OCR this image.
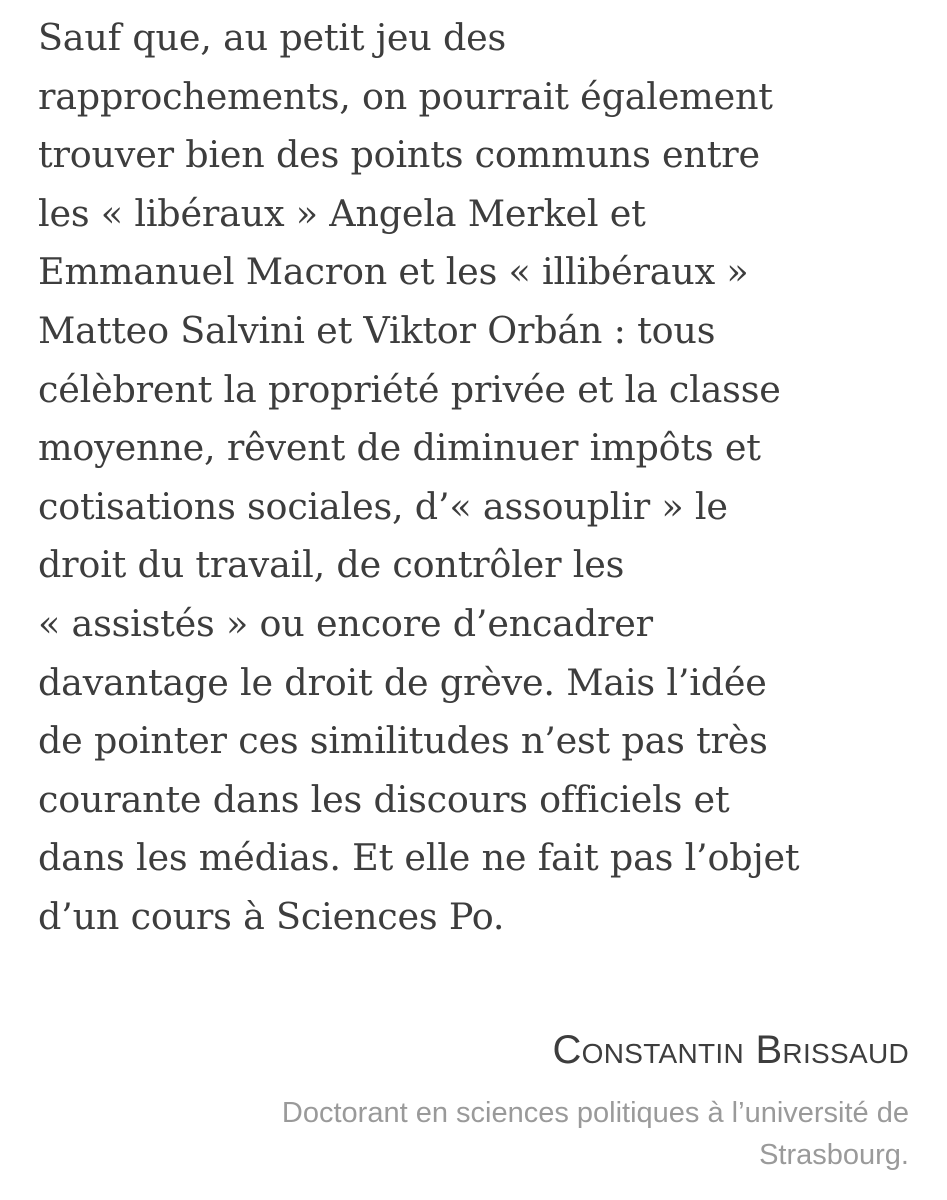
Sauf que, au petit jeu des
rapprochements, on pourrait également
trouver bien des points communs entre
les « libéraux » Angela Merkel et
Emmanuel Macron et les « illibéraux »
Matteo Salvini et Viktor Orbán : tous
célèbrent la propriété privée et la classe
moyenne, rêvent de diminuer impôts et
cotisations sociales, d’« assouplir » le
droit du travail, de contrôler les
« assistés » ou encore d’encadrer
davantage le droit de grève. Mais l’idée
de pointer ces similitudes n’est pas très
courante dans les discours officiels et
dans les médias. Et elle ne fait pas l’objet
d’un cours à Sciences Po.
Constantin Brissaud
Doctorant en sciences politiques à l’université de
Strasbourg.
